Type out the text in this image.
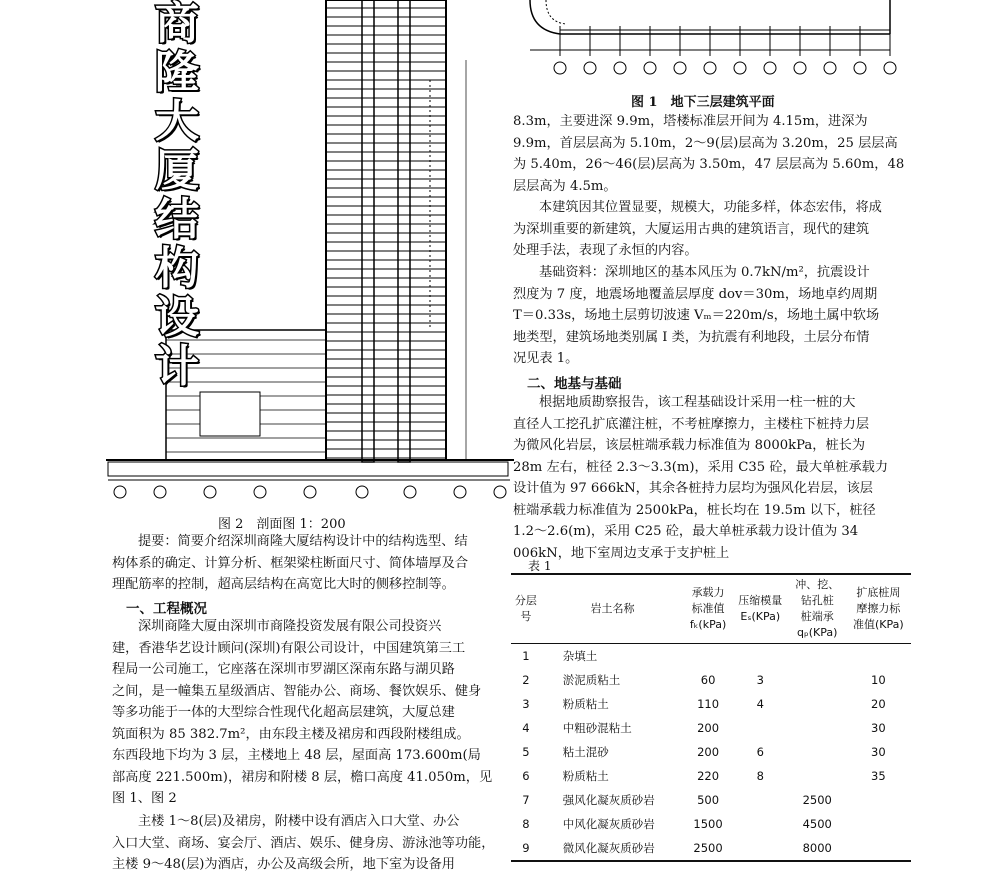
商
隆
大
厦
结
构
设
计
图 1　地下三层建筑平面
图 2　剖面图 1：200
提要：简要介绍深圳商隆大厦结构设计中的结构选型、结
构体系的确定、计算分析、框架梁柱断面尺寸、简体墙厚及合
理配筋率的控制，超高层结构在高宽比大时的侧移控制等。
一、工程概况
深圳商隆大厦由深圳市商隆投资发展有限公司投资兴
建，香港华艺设计顾问(深圳)有限公司设计，中国建筑第三工
程局一公司施工，它座落在深圳市罗湖区深南东路与湖贝路
之间，是一幢集五星级酒店、智能办公、商场、餐饮娱乐、健身
等多功能于一体的大型综合性现代化超高层建筑，大厦总建
筑面积为 85 382.7m²，由东段主楼及裙房和西段附楼组成。
东西段地下均为 3 层，主楼地上 48 层，屋面高 173.600m(局
部高度 221.500m)，裙房和附楼 8 层，檐口高度 41.050m，见
图 1、图 2
主楼 1～8(层)及裙房，附楼中设有酒店入口大堂、办公
入口大堂、商场、宴会厅、酒店、娱乐、健身房、游泳池等功能，
主楼 9～48(层)为酒店，办公及高级会所，地下室为设备用
8.3m，主要进深 9.9m，塔楼标准层开间为 4.15m，进深为
9.9m，首层层高为 5.10m，2～9(层)层高为 3.20m，25 层层高
为 5.40m，26～46(层)层高为 3.50m，47 层层高为 5.60m，48
层层高为 4.5m。
本建筑因其位置显要，规模大，功能多样，体态宏伟，将成
为深圳重要的新建筑，大厦运用古典的建筑语言，现代的建筑
处理手法，表现了永恒的内容。
基础资料：深圳地区的基本风压为 0.7kN/m²，抗震设计
烈度为 7 度，地震场地覆盖层厚度 dov＝30m，场地卓约周期
T＝0.33s，场地土层剪切波速 Vₘ＝220m/s，场地土属中软场
地类型，建筑场地类别属 I 类，为抗震有利地段，土层分布情
况见表 1。
二、地基与基础
根据地质勘察报告，该工程基础设计采用一柱一桩的大
直径人工挖孔扩底灌注桩，不考桩摩擦力，主楼柱下桩持力层
为微风化岩层，该层桩端承载力标准值为 8000kPa，桩长为
28m 左右，桩径 2.3～3.3(m)，采用 C35 砼，最大单桩承载力
设计值为 97 666kN，其余各桩持力层均为强风化岩层，该层
桩端承载力标准值为 2500kPa，桩长均在 19.5m 以下，桩径
1.2～2.6(m)，采用 C25 砼，最大单桩承载力设计值为 34
006kN，地下室周边支承于支护桩上
表 1
分层
号	岩土名称	承载力
标准值
fₖ(kPa)	压缩模量
Eₛ(KPa)	冲、挖、
钻孔桩
桩端承
qₚ(KPa)	扩底桩周
摩擦力标
准值(KPa)
1	杂填土				
2	淤泥质粘土	60	3		10
3	粉质粘土	110	4		20
4	中粗砂混粘土	200			30
5	粘土混砂	200	6		30
6	粉质粘土	220	8		35
7	强风化凝灰质砂岩	500		2500	
8	中风化凝灰质砂岩	1500		4500	
9	微风化凝灰质砂岩	2500		8000	
